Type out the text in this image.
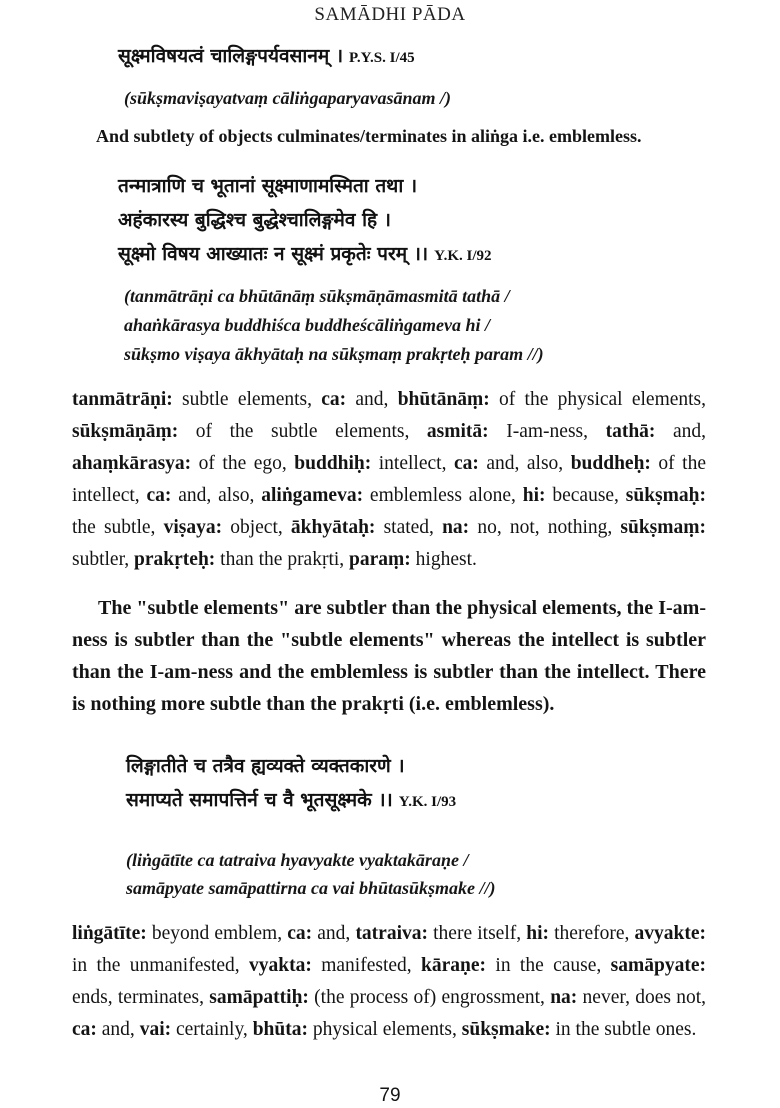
SAMĀDHI PĀDA
सूक्ष्मविषयत्वं चालिङ्गपर्यवसानम् । P.Y.S. I/45
(sūkṣmaviṣayatvaṃ cāliṅgaparyavasānam /)
And subtlety of objects culminates/terminates in aliṅga i.e. emblemless.
तन्मात्राणि च भूतानां सूक्ष्माणामस्मिता तथा ।
अहंकारस्य बुद्धिश्च बुद्धेश्चालिङ्गमेव हि ।
सूक्ष्मो विषय आख्यातः न सूक्ष्मं प्रकृतेः परम् ।। Y.K. I/92
(tanmātrāṇi ca bhūtānāṃ sūkṣmāṇāmasmitā tathā /
ahaṅkārasya buddhiśca buddheścāliṅgameva hi /
sūkṣmo viṣaya ākhyātaḥ na sūkṣmaṃ prakṛteḥ param //)
tanmātrāṇi: subtle elements, ca: and, bhūtānāṃ: of the physical elements, sūkṣmāṇāṃ: of the subtle elements, asmitā: I-am-ness, tathā: and, ahaṃkārasya: of the ego, buddhiḥ: intellect, ca: and, also, buddheḥ: of the intellect, ca: and, also, aliṅgameva: emblemless alone, hi: because, sūkṣmaḥ: the subtle, viṣaya: object, ākhyātaḥ: stated, na: no, not, nothing, sūkṣmaṃ: subtler, prakṛteḥ: than the prakṛti, paraṃ: highest.
The "subtle elements" are subtler than the physical elements, the I-am-ness is subtler than the "subtle elements" whereas the intellect is subtler than the I-am-ness and the emblemless is subtler than the intellect. There is nothing more subtle than the prakṛti (i.e. emblemless).
लिङ्गातीते च तत्रैव ह्यव्यक्ते व्यक्तकारणे ।
समाप्यते समापत्तिर्न च वै भूतसूक्ष्मके ।। Y.K. I/93
(liṅgātīte ca tatraiva hyavyakte vyaktakāraṇe /
samāpyate samāpattirna ca vai bhūtasūkṣmake //)
liṅgātīte: beyond emblem, ca: and, tatraiva: there itself, hi: therefore, avyakte: in the unmanifested, vyakta: manifested, kāraṇe: in the cause, samāpyate: ends, terminates, samāpattiḥ: (the process of) engrossment, na: never, does not, ca: and, vai: certainly, bhūta: physical elements, sūkṣmake: in the subtle ones.
79
